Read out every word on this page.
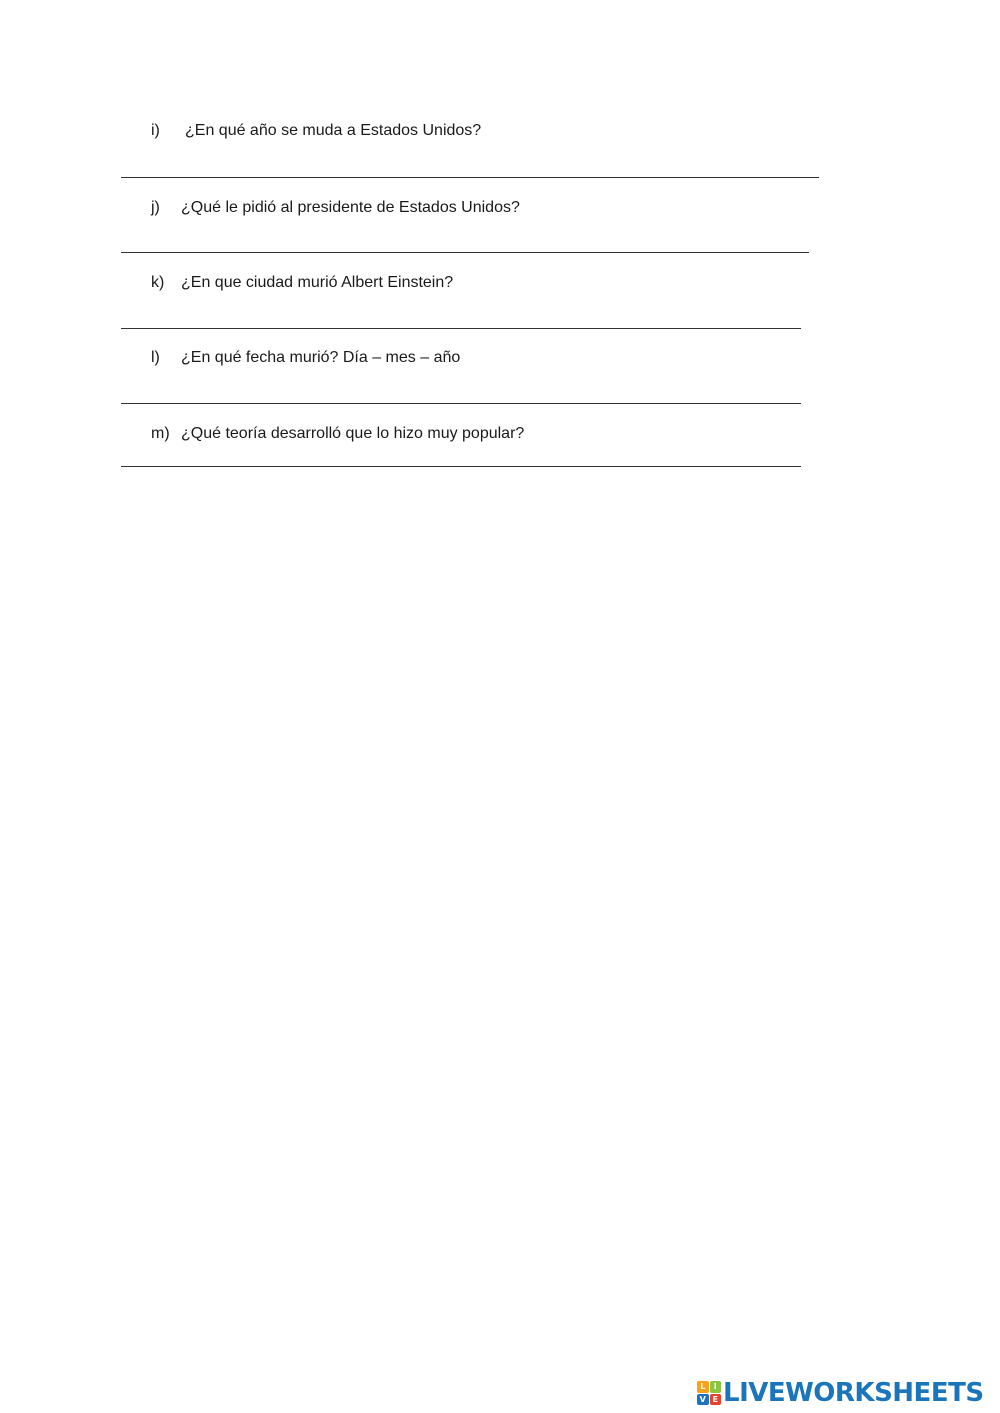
i) ¿En qué año se muda a Estados Unidos?
j) ¿Qué le pidió al presidente de Estados Unidos?
k) ¿En que ciudad murió Albert Einstein?
l) ¿En qué fecha murió? Día – mes – año
m) ¿Qué teoría desarrolló que lo hizo muy popular?
L	I
V E LIVEWORKSHEETS
